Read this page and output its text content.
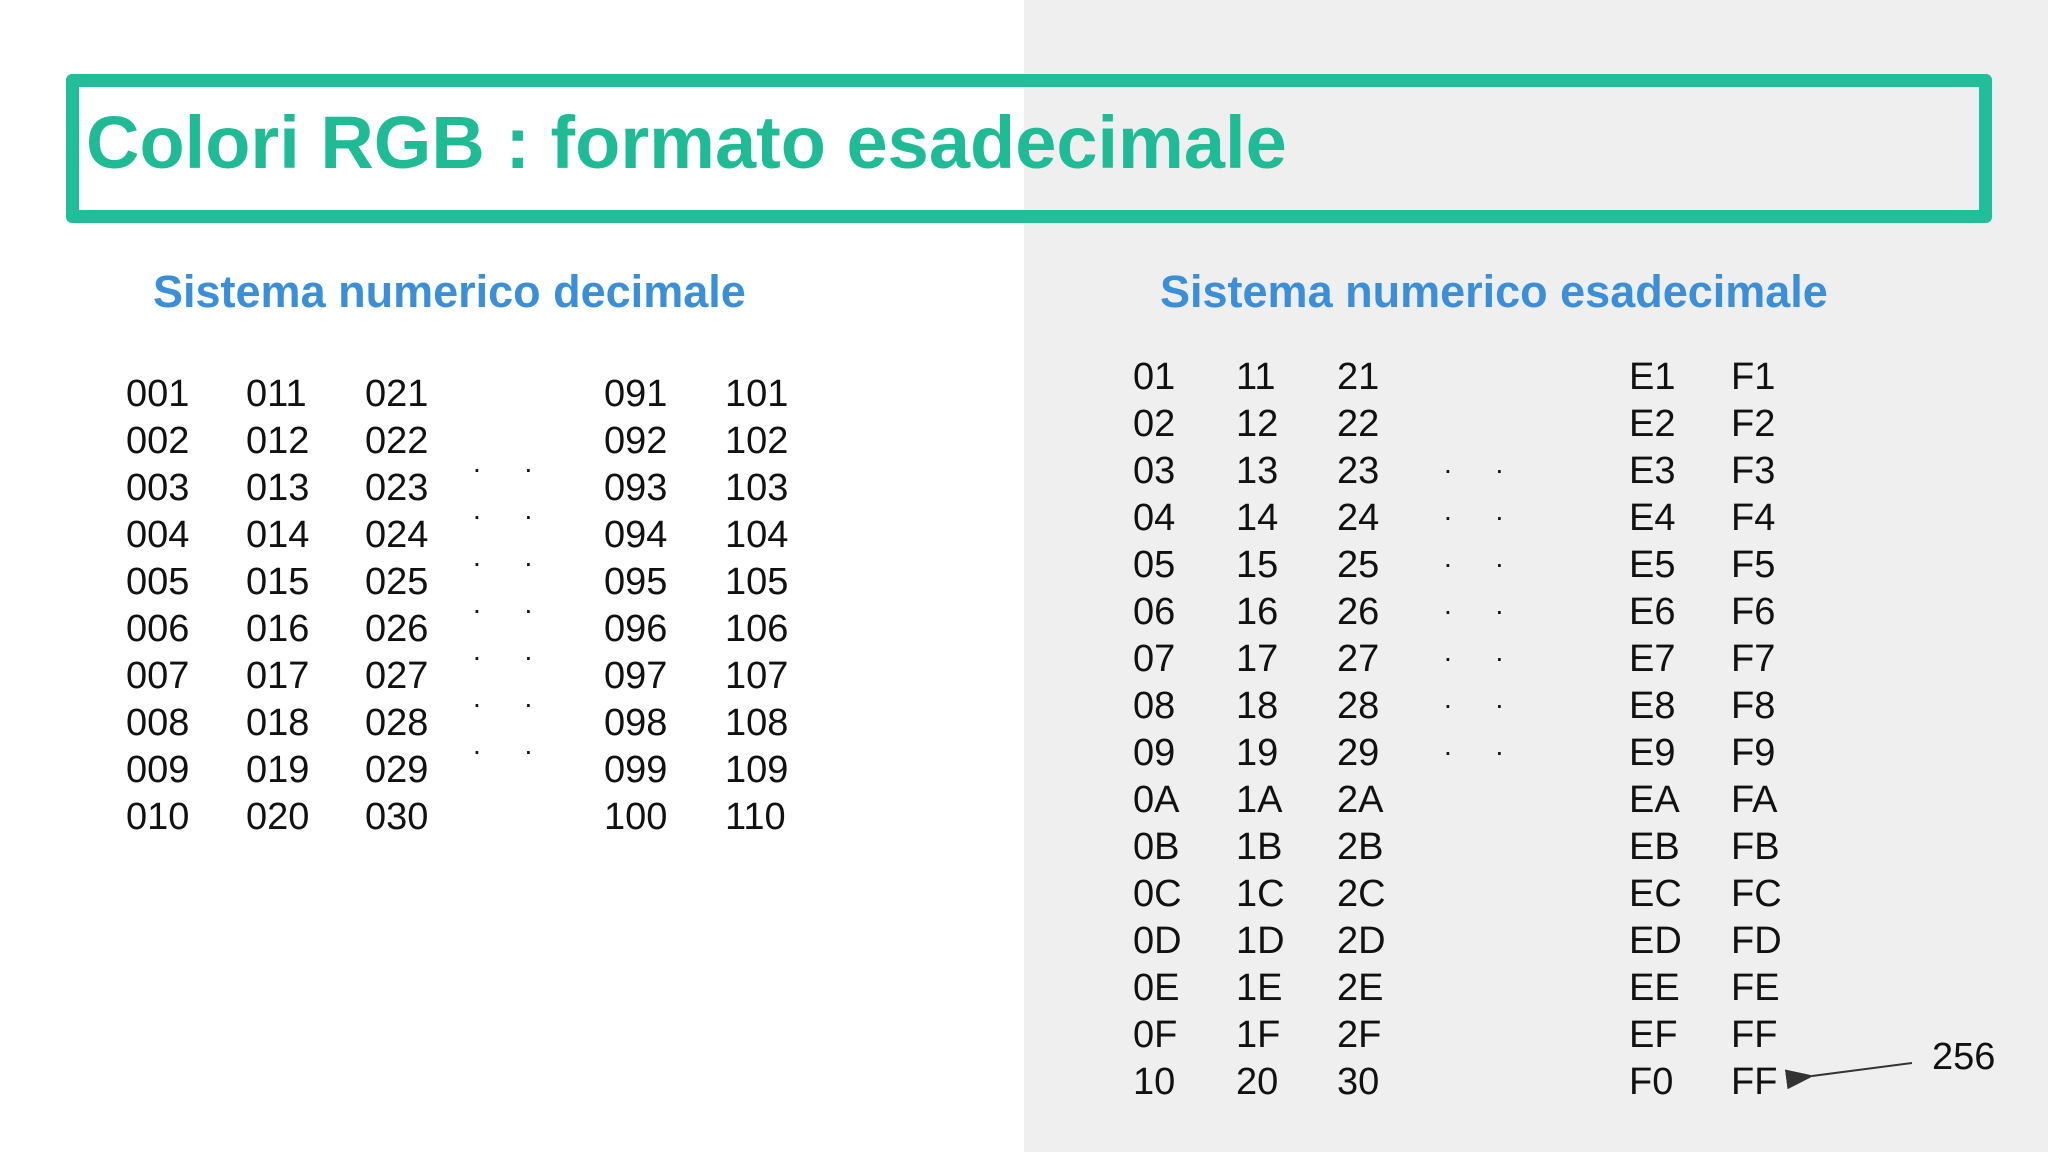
Colori RGB : formato esadecimale
Sistema numerico decimale	Sistema numerico esadecimale
001
002
003
004
005
006
007
008
009
010
011
012
013
014
015
016
017
018
019
020
021
022
023
024
025
026
027
028
029
030
091
092
093
094
095
096
097
098
099
100
101
102
103
104
105
106
107
108
109
110
. .
. .
. .
. .
. .
. .
. .
01
02
03
04
05
06
07
08
09
0A
0B
0C
0D
0E
0F
10
11
12
13
14
15
16
17
18
19
1A
1B
1C
1D
1E
1F
20
21
22
23
24
25
26
27
28
29
2A
2B
2C
2D
2E
2F
30
E1
E2
E3
E4
E5
E6
E7
E8
E9
EA
EB
EC
ED
EE
EF
F0
F1
F2
F3
F4
F5
F6
F7
F8
F9
FA
FB
FC
FD
FE
FF
FF
. .
. .
. .
. .
. .
. .
. .
256
